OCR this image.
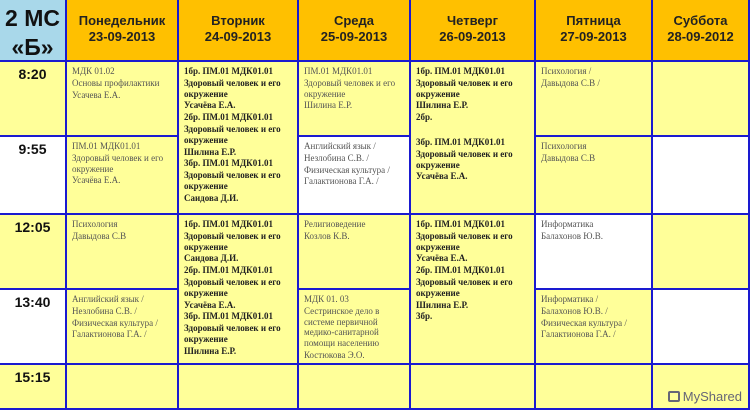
2 МС
«Б»
Понедельник
23-09-2013
Вторник
24-09-2013
Среда
25-09-2013
Четверг
26-09-2013
Пятница
27-09-2013
Суббота
28-09-2012
8:20
9:55
12:05
13:40
15:15
МДК 01.02
Основы профилактики
Усачева Е.А.
ПМ.01 МДК01.01
Здоровый человек и его окружение
Усачёва Е.А.
Психология
Давыдова С.В
Английский язык /
Незлобина С.В. /
Физическая культура /
Галактионова Г.А. /
1бр. ПМ.01 МДК01.01
Здоровый человек и его окружение
Усачёва Е.А.
2бр. ПМ.01 МДК01.01
Здоровый человек и его окружение
Шилина Е.Р.
3бр. ПМ.01 МДК01.01
Здоровый человек и его окружение
Саидова Д.И.
1бр. ПМ.01 МДК01.01
Здоровый человек и его окружение
Саидова Д.И.
2бр. ПМ.01 МДК01.01
Здоровый человек и его окружение
Усачёва Е.А.
3бр. ПМ.01 МДК01.01
Здоровый человек и его окружение
Шилина Е.Р.
ПМ.01 МДК01.01
Здоровый человек и его окружение
Шилина Е.Р.
Английский язык /
Незлобина С.В. /
Физическая культура /
Галактионова Г.А. /
Религиоведение
Козлов К.В.
МДК 01. 03
Сестринское дело в системе первичной медико-санитарной помощи населению
Костюкова Э.О.
1бр. ПМ.01 МДК01.01
Здоровый человек и его окружение
Шилина Е.Р.
2бр.
3бр. ПМ.01 МДК01.01
Здоровый человек и его окружение
Усачёва Е.А.
1бр. ПМ.01 МДК01.01
Здоровый человек и его окружение
Усачёва Е.А.
2бр. ПМ.01 МДК01.01
Здоровый человек и его окружение
Шилина Е.Р.
3бр.
Психология /
Давыдова С.В /
Психология
Давыдова С.В
Информатика
Балахонов Ю.В.
Информатика /
Балахонов Ю.В. /
Физическая культура /
Галактионова Г.А. /
MyShared
